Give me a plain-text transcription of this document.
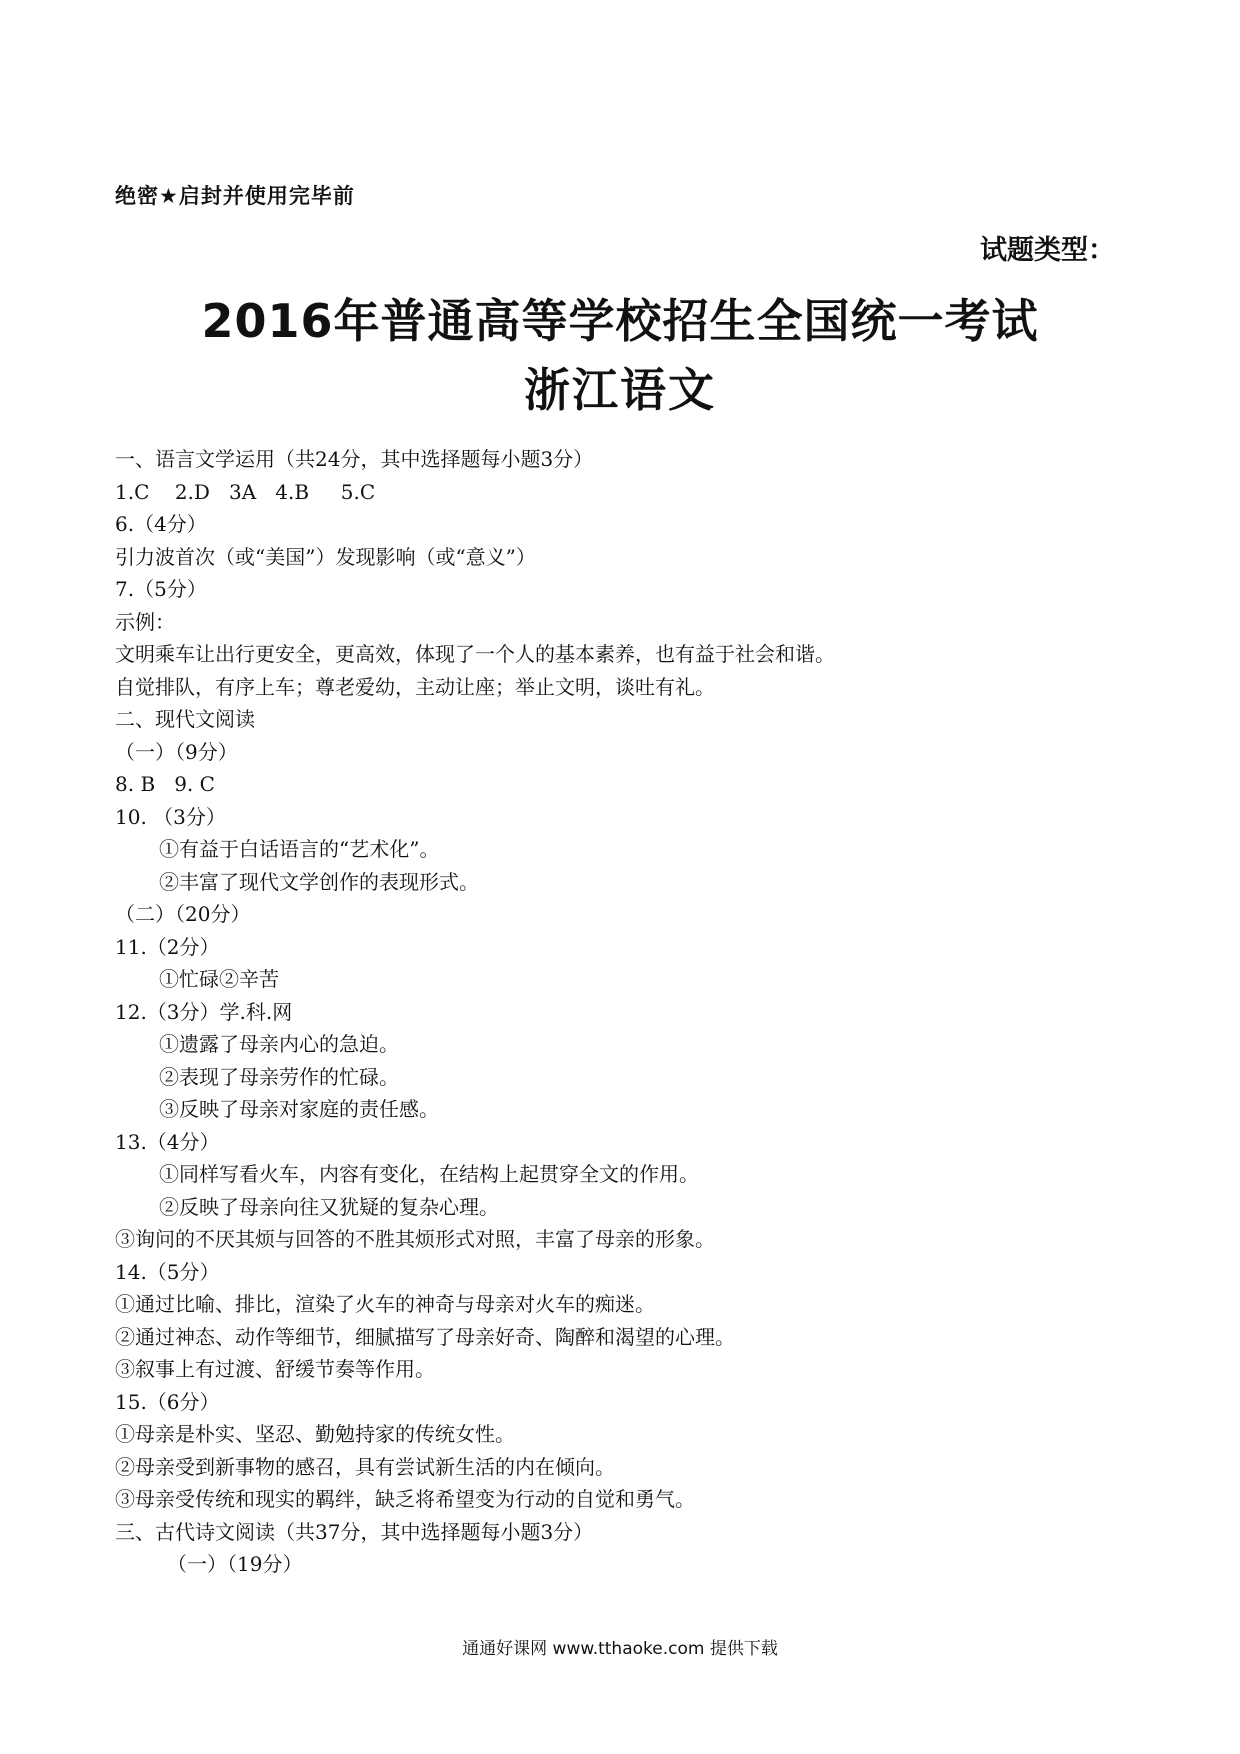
绝密★启封并使用完毕前
试题类型：
2016年普通高等学校招生全国统一考试
浙江语文
一、语言文学运用（共24分，其中选择题每小题3分）
1.C    2.D   3A   4.B     5.C
6.（4分）
引力波首次（或“美国”）发现影响（或“意义”）
7.（5分）
示例：
文明乘车让出行更安全，更高效，体现了一个人的基本素养，也有益于社会和谐。
自觉排队，有序上车；尊老爱幼，主动让座；举止文明，谈吐有礼。
二、现代文阅读
（一）（9分）
8. B   9. C
10. （3分）
①有益于白话语言的“艺术化”。
②丰富了现代文学创作的表现形式。
（二）（20分）
11.（2分）
①忙碌②辛苦
12.（3分）学.科.网
①遗露了母亲内心的急迫。
②表现了母亲劳作的忙碌。
③反映了母亲对家庭的责任感。
13.（4分）
①同样写看火车，内容有变化，在结构上起贯穿全文的作用。
②反映了母亲向往又犹疑的复杂心理。
③询问的不厌其烦与回答的不胜其烦形式对照，丰富了母亲的形象。
14.（5分）
①通过比喻、排比，渲染了火车的神奇与母亲对火车的痴迷。
②通过神态、动作等细节，细腻描写了母亲好奇、陶醉和渴望的心理。
③叙事上有过渡、舒缓节奏等作用。
15.（6分）
①母亲是朴实、坚忍、勤勉持家的传统女性。
②母亲受到新事物的感召，具有尝试新生活的内在倾向。
③母亲受传统和现实的羁绊，缺乏将希望变为行动的自觉和勇气。
三、古代诗文阅读（共37分，其中选择题每小题3分）
（一）（19分）
通通好课网 www.tthaoke.com 提供下载
